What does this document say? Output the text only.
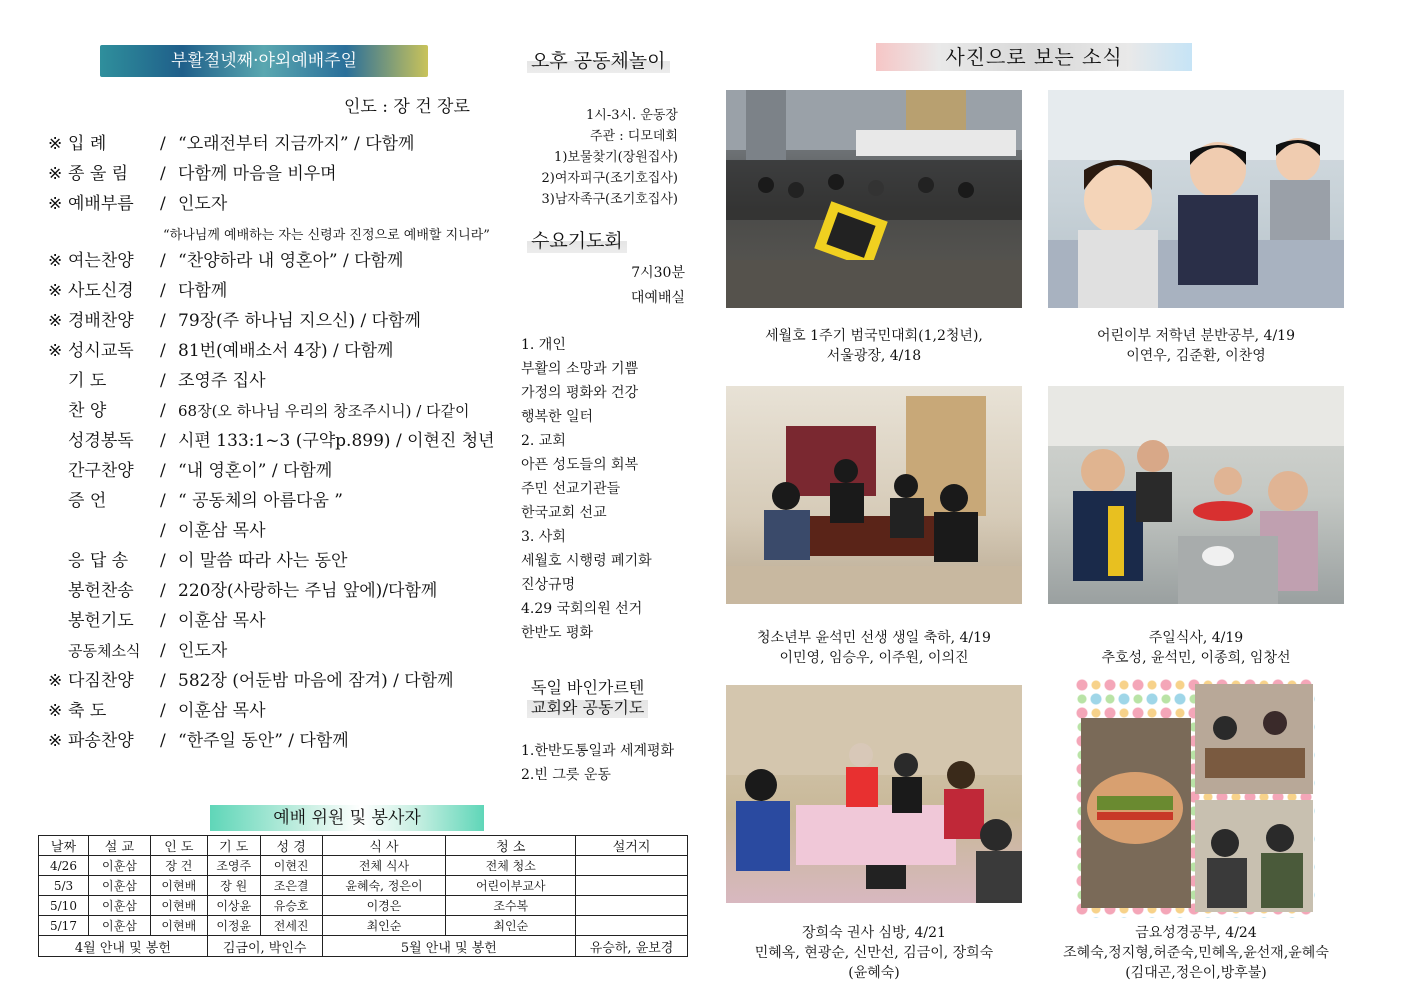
부활절넷째·야외예배주일
인도 : 장 건 장로
※ 입 례	/ “오래전부터 지금까지” / 다함께
※ 종 울 림	/ 다함께 마음을 비우며
※ 예배부름	/ 인도자
※ 여는찬양	/ “찬양하라 내 영혼아” / 다함께
※ 사도신경	/ 다함께
※ 경배찬양	/ 79장(주 하나님 지으신) / 다함께
※ 성시교독	/ 81번(예배소서 4장) / 다함께
기 도	/ 조영주 집사
찬 양	/ 68장(오 하나님 우리의 창조주시니) / 다같이
성경봉독	/ 시편 133:1~3 (구약p.899) / 이현진 청년
간구찬양	/ “내 영혼이” / 다함께
증 언	/ “ 공동체의 아름다움 ”
/ 이훈삼 목사
응 답 송	/ 이 말씀 따라 사는 동안
봉헌찬송	/ 220장(사랑하는 주님 앞에)/다함께
봉헌기도	/ 이훈삼 목사
공동체소식	/ 인도자
※ 다짐찬양	/ 582장 (어둔밤 마음에 잠겨) / 다함께
※ 축 도	/ 이훈삼 목사
※ 파송찬양	/ “한주일 동안” / 다함께
“하나님께 예배하는 자는 신령과 진정으로 예배할 지니라”
오후 공동체놀이
1시-3시. 운동장
주관 : 디모데회
1)보물찾기(장원집사)
2)여자피구(조기호집사)
3)남자족구(조기호집사)
수요기도회
7시30분
대예배실
1. 개인
부활의 소망과 기쁨
가정의 평화와 건강
행복한 일터
2. 교회
아픈 성도들의 회복
주민 선교기관들
한국교회 선교
3. 사회
세월호 시행령 폐기화
진상규명
4.29 국회의원 선거
한반도 평화
독일 바인가르텐
교회와 공동기도
1.한반도통일과 세계평화
2.빈 그릇 운동
예배 위원 및 봉사자
날짜	설 교	인 도	기 도	성 경	식 사	청 소	설거지
4/26	이훈삼	장 건	조영주	이현진	전체 식사	전체 청소	
5/3	이훈삼	이현배	장 원	조은결	윤혜숙, 정은이	어린이부교사	
5/10	이훈삼	이현배	이상윤	유승호	이경은	조수복	
5/17	이훈삼	이현배	이정윤	전세진	최인순	최인순	
4월 안내 및 봉헌			김금이, 박인수		5월 안내 및 봉헌		유승하, 윤보경
사진으로 보는 소식
세월호 1주기 범국민대회(1,2청년),
서울광장, 4/18
어린이부 저학년 분반공부, 4/19
이연우, 김준환, 이찬영
청소년부 윤석민 선생 생일 축하, 4/19
이민영, 임승우, 이주원, 이의진
주일식사, 4/19
추호성, 윤석민, 이종희, 임창선
장희숙 권사 심방, 4/21
민혜옥, 현광순, 신만선, 김금이, 장희숙
(윤혜숙)
금요성경공부, 4/24
조혜숙,정지형,허준숙,민혜옥,윤선재,윤혜숙
(김대곤,정은이,방후불)
